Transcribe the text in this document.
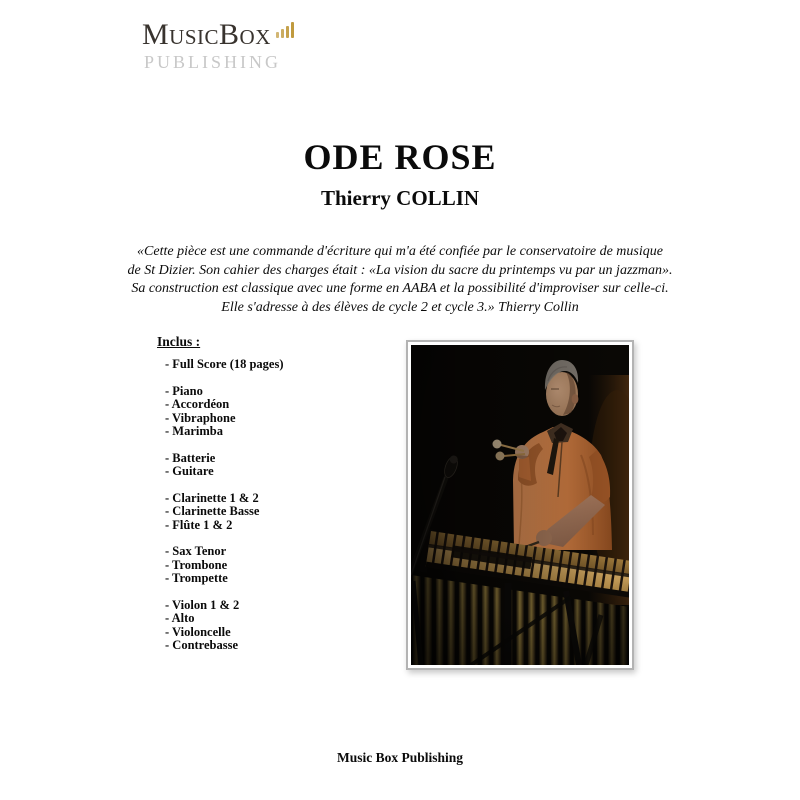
MusicBox
PUBLISHING
ODE ROSE
Thierry COLLIN
«Cette pièce est une commande d'écriture qui m'a été confiée par le conservatoire de musique
de St Dizier. Son cahier des charges était : «La vision du sacre du printemps vu par un jazzman».
Sa construction est classique avec une forme en AABA et la possibilité d'improviser sur celle-ci.
Elle s'adresse à des élèves de cycle 2 et cycle 3.» Thierry Collin
Inclus :
- Full Score (18 pages)
- Piano
- Accordéon
- Vibraphone
- Marimba
- Batterie
- Guitare
- Clarinette 1 & 2
- Clarinette Basse
- Flûte 1 & 2
- Sax Tenor
- Trombone
- Trompette
- Violon 1 & 2
- Alto
- Violoncelle
- Contrebasse
Music Box Publishing
